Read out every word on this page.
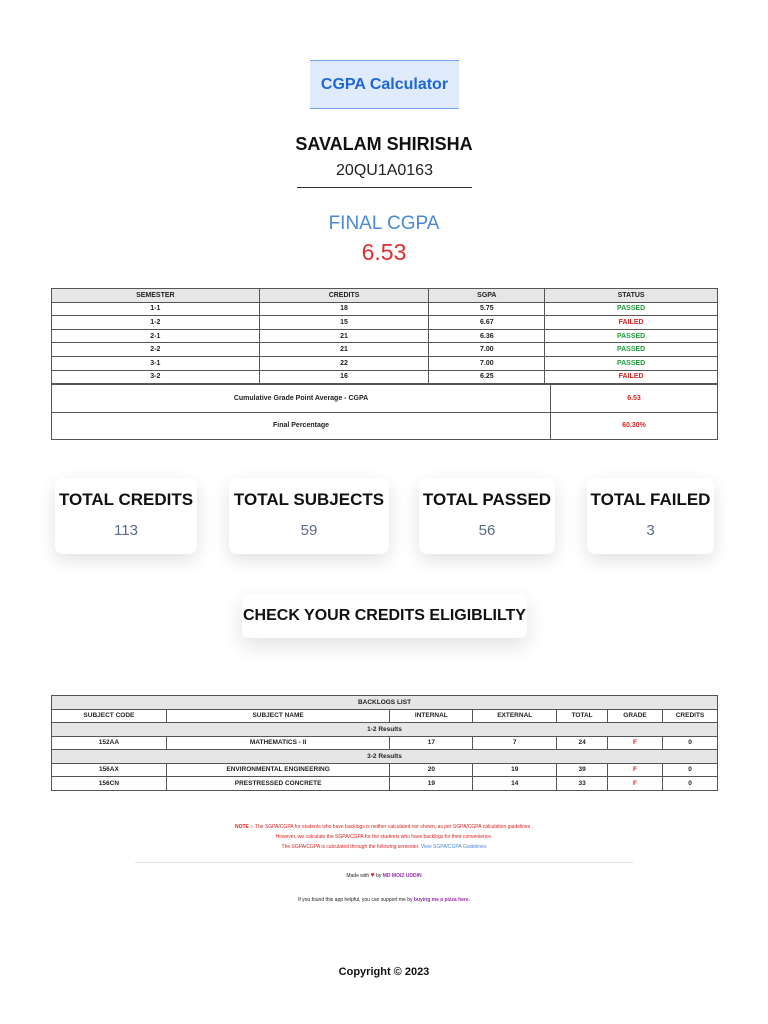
CGPA Calculator
SAVALAM SHIRISHA
20QU1A0163
FINAL CGPA
6.53
SEMESTER	CREDITS	SGPA	STATUS
1-1	18	5.75	PASSED
1-2	15	6.67	FAILED
2-1	21	6.36	PASSED
2-2	21	7.00	PASSED
3-1	22	7.00	PASSED
3-2	16	6.25	FAILED
Cumulative Grade Point Average - CGPA	6.53
Final Percentage	60.30%
TOTAL CREDITS
113
TOTAL SUBJECTS
59
TOTAL PASSED
56
TOTAL FAILED
3
CHECK YOUR CREDITS ELIGIBLILTY
BACKLOGS LIST						
SUBJECT CODE	SUBJECT NAME	INTERNAL	EXTERNAL	TOTAL	GRADE	CREDITS
1-2 Results						
152AA	MATHEMATICS - II	17	7	24	F	0
3-2 Results						
156AX	ENVIRONMENTAL ENGINEERING	20	19	39	F	0
156CN	PRESTRESSED CONCRETE	19	14	33	F	0
NOTE :- The SGPA/CGPA for students who have backlogs is neither calculated nor shown, as per SGPA/CGPA calculation guidelines .
However, we calculate the SGPA/CGPA for the students who have backlogs for their convenience.
The SGPA/CGPA is calculated through the following semester. View SGPA/CGPA Guidelines
Made with ♥ by MD MOIZ UDDIN
If you found this app helpful, you can support me by buying me a pizza here.
Copyright © 2023
